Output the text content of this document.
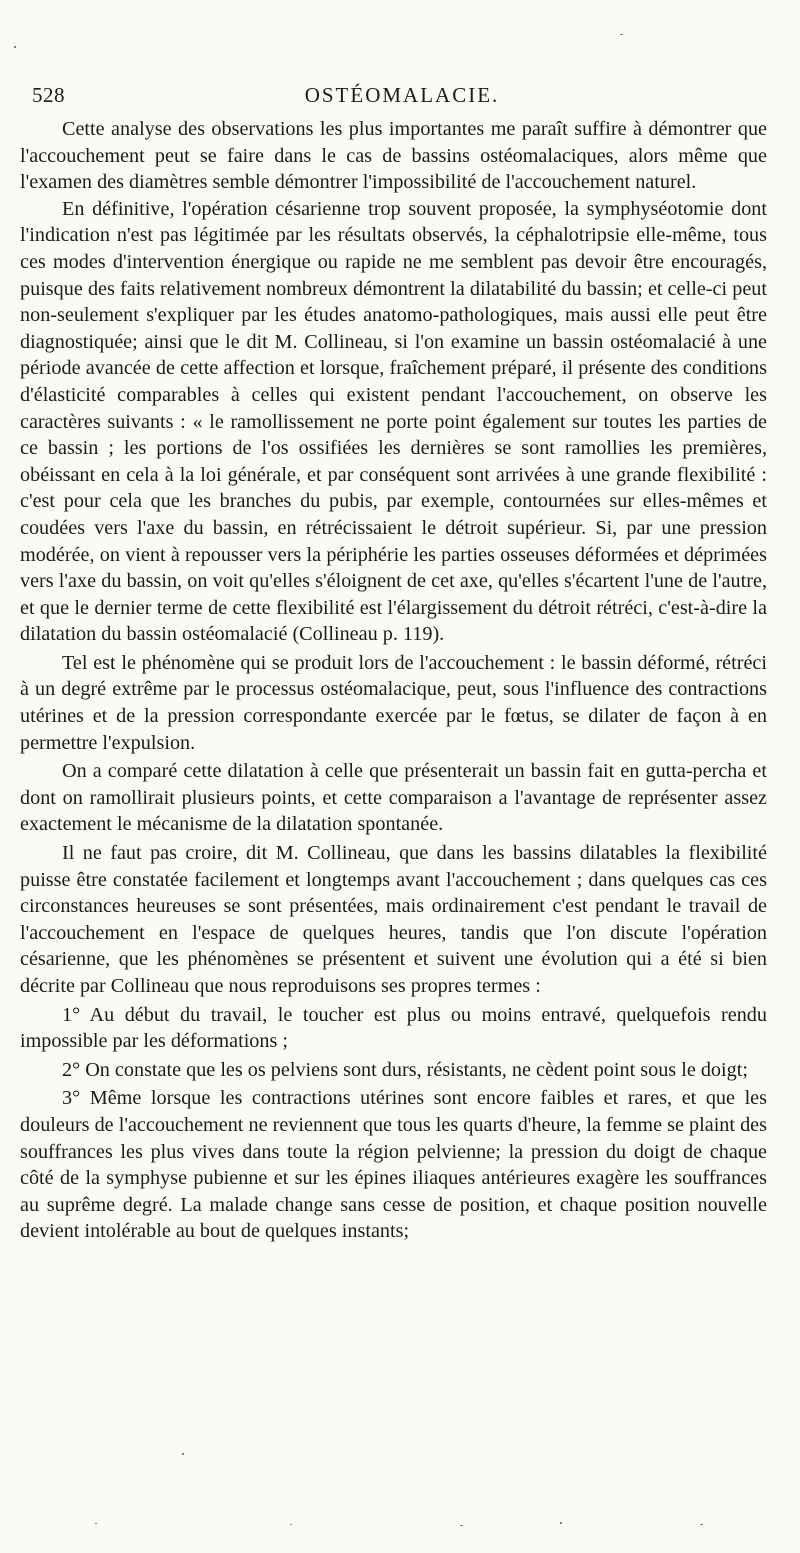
528	OSTÉOMALACIE.

Cette analyse des observations les plus importantes me paraît suffire à démontrer que l'accouchement peut se faire dans le cas de bassins ostéomalaciques, alors même que l'examen des diamètres semble démontrer l'impossibilité de l'accouchement naturel.

En définitive, l'opération césarienne trop souvent proposée, la symphyséotomie dont l'indication n'est pas légitimée par les résultats observés, la céphalotripsie elle-même, tous ces modes d'intervention énergique ou rapide ne me semblent pas devoir être encouragés, puisque des faits relativement nombreux démontrent la dilatabilité du bassin; et celle-ci peut non-seulement s'expliquer par les études anatomo-pathologiques, mais aussi elle peut être diagnostiquée; ainsi que le dit M. Collineau, si l'on examine un bassin ostéomalacié à une période avancée de cette affection et lorsque, fraîchement préparé, il présente des conditions d'élasticité comparables à celles qui existent pendant l'accouchement, on observe les caractères suivants : « le ramollissement ne porte point également sur toutes les parties de ce bassin ; les portions de l'os ossifiées les dernières se sont ramollies les premières, obéissant en cela à la loi générale, et par conséquent sont arrivées à une grande flexibilité : c'est pour cela que les branches du pubis, par exemple, contournées sur elles-mêmes et coudées vers l'axe du bassin, en rétrécissaient le détroit supérieur. Si, par une pression modérée, on vient à repousser vers la périphérie les parties osseuses déformées et déprimées vers l'axe du bassin, on voit qu'elles s'éloignent de cet axe, qu'elles s'écartent l'une de l'autre, et que le dernier terme de cette flexibilité est l'élargissement du détroit rétréci, c'est-à-dire la dilatation du bassin ostéomalacié (Collineau p. 119).

Tel est le phénomène qui se produit lors de l'accouchement : le bassin déformé, rétréci à un degré extrême par le processus ostéomalacique, peut, sous l'influence des contractions utérines et de la pression correspondante exercée par le fœtus, se dilater de façon à en permettre l'expulsion.

On a comparé cette dilatation à celle que présenterait un bassin fait en gutta-percha et dont on ramollirait plusieurs points, et cette comparaison a l'avantage de représenter assez exactement le mécanisme de la dilatation spontanée.

Il ne faut pas croire, dit M. Collineau, que dans les bassins dilatables la flexibilité puisse être constatée facilement et longtemps avant l'accouchement ; dans quelques cas ces circonstances heureuses se sont présentées, mais ordinairement c'est pendant le travail de l'accouchement en l'espace de quelques heures, tandis que l'on discute l'opération césarienne, que les phénomènes se présentent et suivent une évolution qui a été si bien décrite par Collineau que nous reproduisons ses propres termes :

1° Au début du travail, le toucher est plus ou moins entravé, quelquefois rendu impossible par les déformations ;

2° On constate que les os pelviens sont durs, résistants, ne cèdent point sous le doigt;

3° Même lorsque les contractions utérines sont encore faibles et rares, et que les douleurs de l'accouchement ne reviennent que tous les quarts d'heure, la femme se plaint des souffrances les plus vives dans toute la région pelvienne; la pression du doigt de chaque côté de la symphyse pubienne et sur les épines iliaques antérieures exagère les souffrances au suprême degré. La malade change sans cesse de position, et chaque position nouvelle devient intolérable au bout de quelques instants;
